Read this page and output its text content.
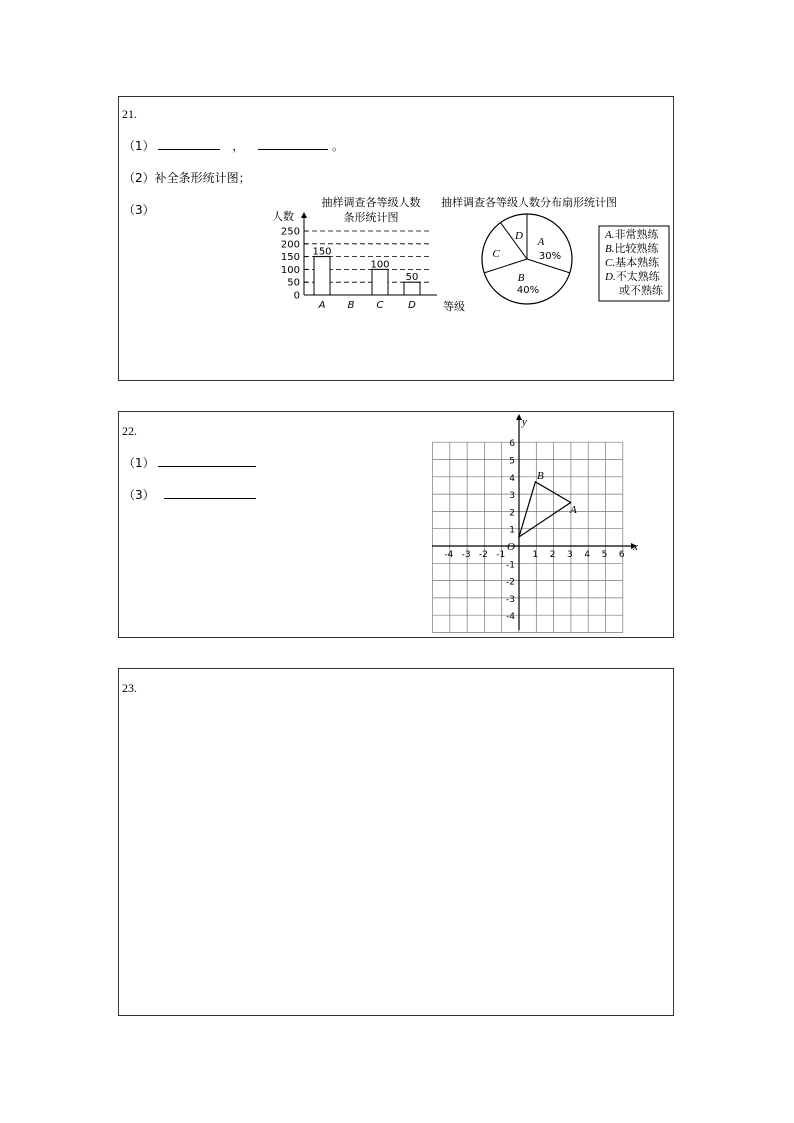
21.
（1）	，	。
（2）补全条形统计图；
（3）
抽样调查各等级人数
条形统计图
人数
等级
0
50
100
150
200
250
A
150
B C
100
D
50
抽样调查各等级人数分布扇形统计图
A
30%
B
40%
C
D	A.非常熟练
B.比较熟练
C.基本熟练
D.不太熟练
或不熟练
22.
（1）
（3）
x
y
O
-4 -3 -2 -1	1 2 3 4 5 6
6
5
4
3
2
1
-1
-2
-3
-4
B
A
23.
